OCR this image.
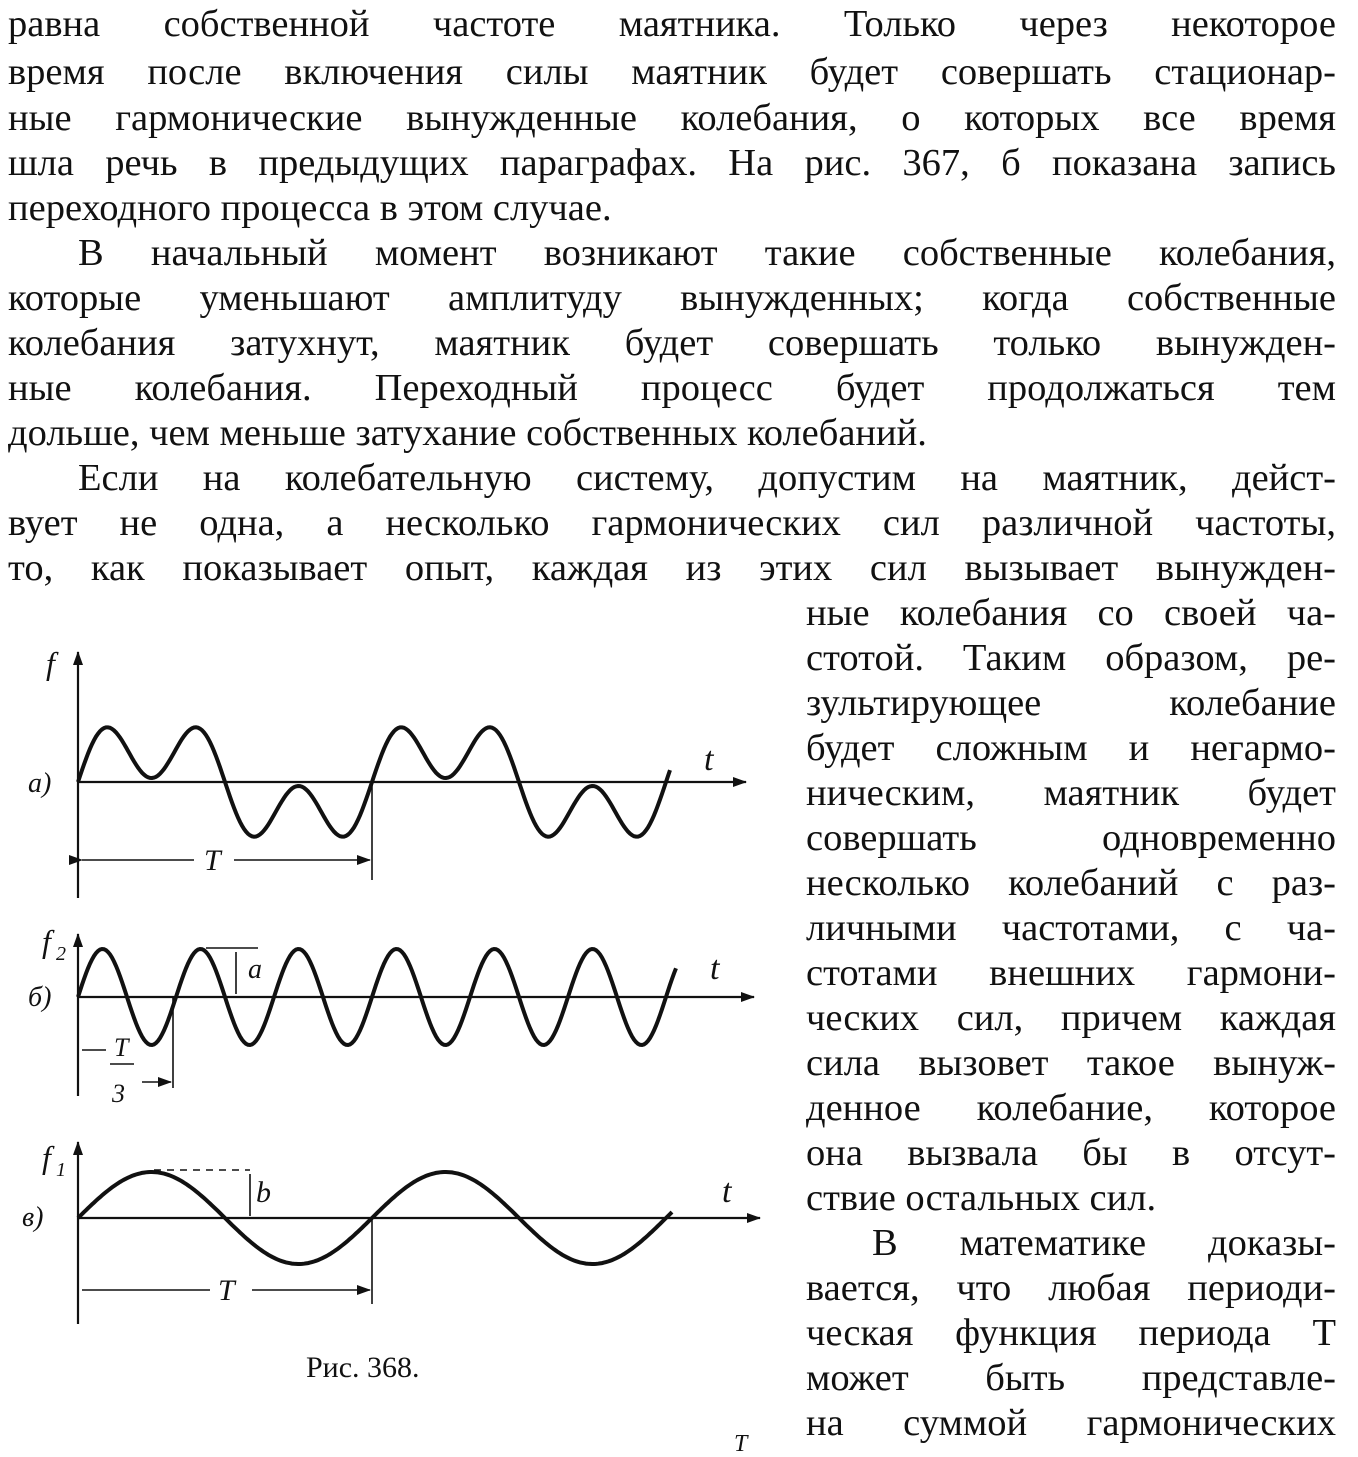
равна собственной частоте маятника. Только через некоторое

время после включения силы маятник будет совершать стационар-

ные гармонические вынужденные колебания, о которых все время

шла речь в предыдущих параграфах. На рис. 367, б показана запись

переходного процесса в этом случае.

В начальный момент возникают такие собственные колебания,

которые уменьшают амплитуду вынужденных; когда собственные

колебания затухнут, маятник будет совершать только вынужден-

ные колебания. Переходный процесс будет продолжаться тем

дольше, чем меньше затухание собственных колебаний.

Если на колебательную систему, допустим на маятник, дейст-

вует не одна, а несколько гармонических сил различной частоты,

то, как показывает опыт, каждая из этих сил вызывает вынужден-

ные колебания со своей ча-

стотой. Таким образом, ре-

зультирующее колебание

будет сложным и негармо-

ническим, маятник будет

совершать одновременно

несколько колебаний с раз-

личными частотами, с ча-

стотами внешних гармони-

ческих сил, причем каждая

сила вызовет такое вынуж-

денное колебание, которое

она вызвала бы в отсут-

ствие остальных сил.

В математике доказы-

вается, что любая периоди-

ческая функция периода T

может быть представле-

на суммой гармонических

f
t
а)
T
f 2	t
б)
a
T
3
f 1
t
в)
b
T
Рис. 368.
T
